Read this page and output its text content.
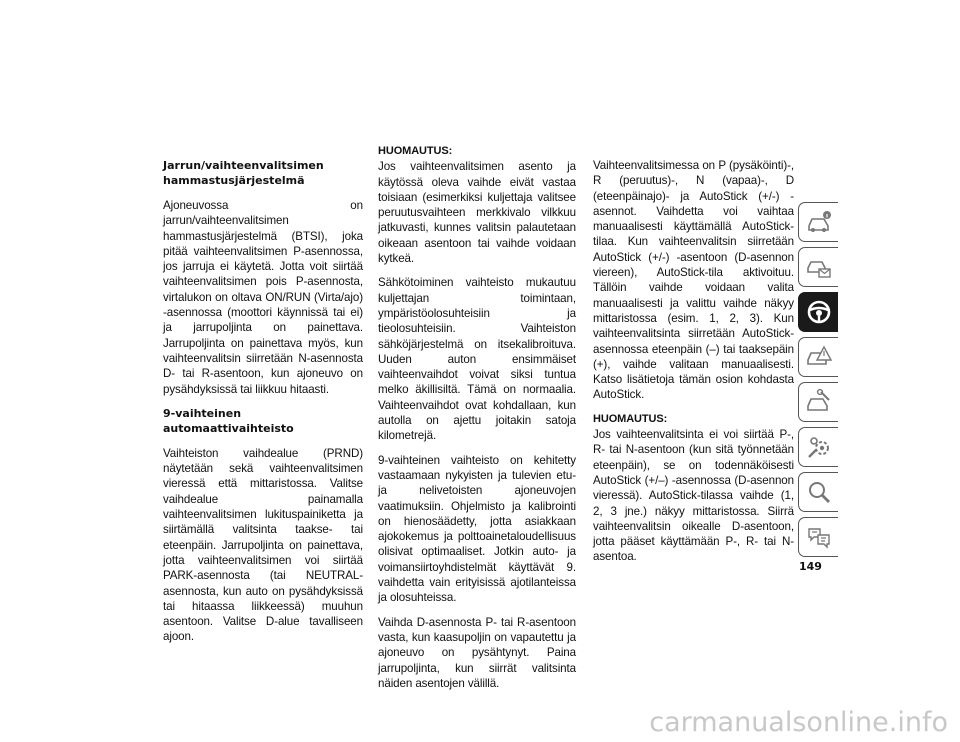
Jarrun/vaihteenvalitsimen hammastusjärjestelmä

Ajoneuvossa on jarrun/vaihteenvalitsimen hammastusjärjestelmä (BTSI), joka pitää vaihteenvalitsimen P-asennossa, jos jarruja ei käytetä. Jotta voit siirtää vaihteenvalitsimen pois P-asennosta, virtalukon on oltava ON/RUN (Virta/ajo) -asennossa (moottori käynnissä tai ei) ja jarrupoljinta on painettava. Jarrupoljinta on painettava myös, kun vaihteenvalitsin siirretään N-asennosta D- tai R-asentoon, kun ajoneuvo on pysähdyksissä tai liikkuu hitaasti.

9-vaihteinen automaattivaihteisto

Vaihteiston vaihdealue (PRND) näytetään sekä vaihteenvalitsimen vieressä että mittaristossa. Valitse vaihdealue painamalla vaihteenvalitsimen lukituspainiketta ja siirtämällä valitsinta taakse- tai eteenpäin. Jarrupoljinta on painettava, jotta vaihteenvalitsimen voi siirtää PARK-asennosta (tai NEUTRAL-asennosta, kun auto on pysähdyksissä tai hitaassa liikkeessä) muuhun asentoon. Valitse D-alue tavalliseen ajoon.

HUOMAUTUS:
Jos vaihteenvalitsimen asento ja käytössä oleva vaihde eivät vastaa toisiaan (esimerkiksi kuljettaja valitsee peruutusvaihteen merkkivalo vilkkuu jatkuvasti, kunnes valitsin palautetaan oikeaan asentoon tai vaihde voidaan kytkeä.

Sähkötoiminen vaihteisto mukautuu kuljettajan toimintaan, ympäristöolosuhteisiin ja tieolosuhteisiin. Vaihteiston sähköjärjestelmä on itsekalibroituva. Uuden auton ensimmäiset vaihteenvaihdot voivat siksi tuntua melko äkillisiltä. Tämä on normaalia. Vaihteenvaihdot ovat kohdallaan, kun autolla on ajettu joitakin satoja kilometrejä.

9-vaihteinen vaihteisto on kehitetty vastaamaan nykyisten ja tulevien etu- ja nelivetoisten ajoneuvojen vaatimuksiin. Ohjelmisto ja kalibrointi on hienosäädetty, jotta asiakkaan ajokokemus ja polttoainetaloudellisuus olisivat optimaaliset. Jotkin auto- ja voimansiirtoyhdistelmät käyttävät 9. vaihdetta vain erityisissä ajotilanteissa ja olosuhteissa.

Vaihda D-asennosta P- tai R-asentoon vasta, kun kaasupoljin on vapautettu ja ajoneuvo on pysähtynyt. Paina jarrupoljinta, kun siirrät valitsinta näiden asentojen välillä.

Vaihteenvalitsimessa on P (pysäköinti)-, R (peruutus)-, N (vapaa)-, D (eteenpäinajo)- ja AutoStick (+/-) -asennot. Vaihdetta voi vaihtaa manuaalisesti käyttämällä AutoStick-tilaa. Kun vaihteenvalitsin siirretään AutoStick (+/-) -asentoon (D-asennon viereen), AutoStick-tila aktivoituu. Tällöin vaihde voidaan valita manuaalisesti ja valittu vaihde näkyy mittaristossa (esim. 1, 2, 3). Kun vaihteenvalitsinta siirretään AutoStick-asennossa eteenpäin (–) tai taaksepäin (+), vaihde valitaan manuaalisesti. Katso lisätietoja tämän osion kohdasta AutoStick.

HUOMAUTUS:
Jos vaihteenvalitsinta ei voi siirtää P-, R- tai N-asentoon (kun sitä työnnetään eteenpäin), se on todennäköisesti AutoStick (+/–) -asennossa (D-asennon vieressä). AutoStick-tilassa vaihde (1, 2, 3 jne.) näkyy mittaristossa. Siirrä vaihteenvalitsin oikealle D-asentoon, jotta pääset käyttämään P-, R- tai N-asentoa.
149
carmanualsonline.info
